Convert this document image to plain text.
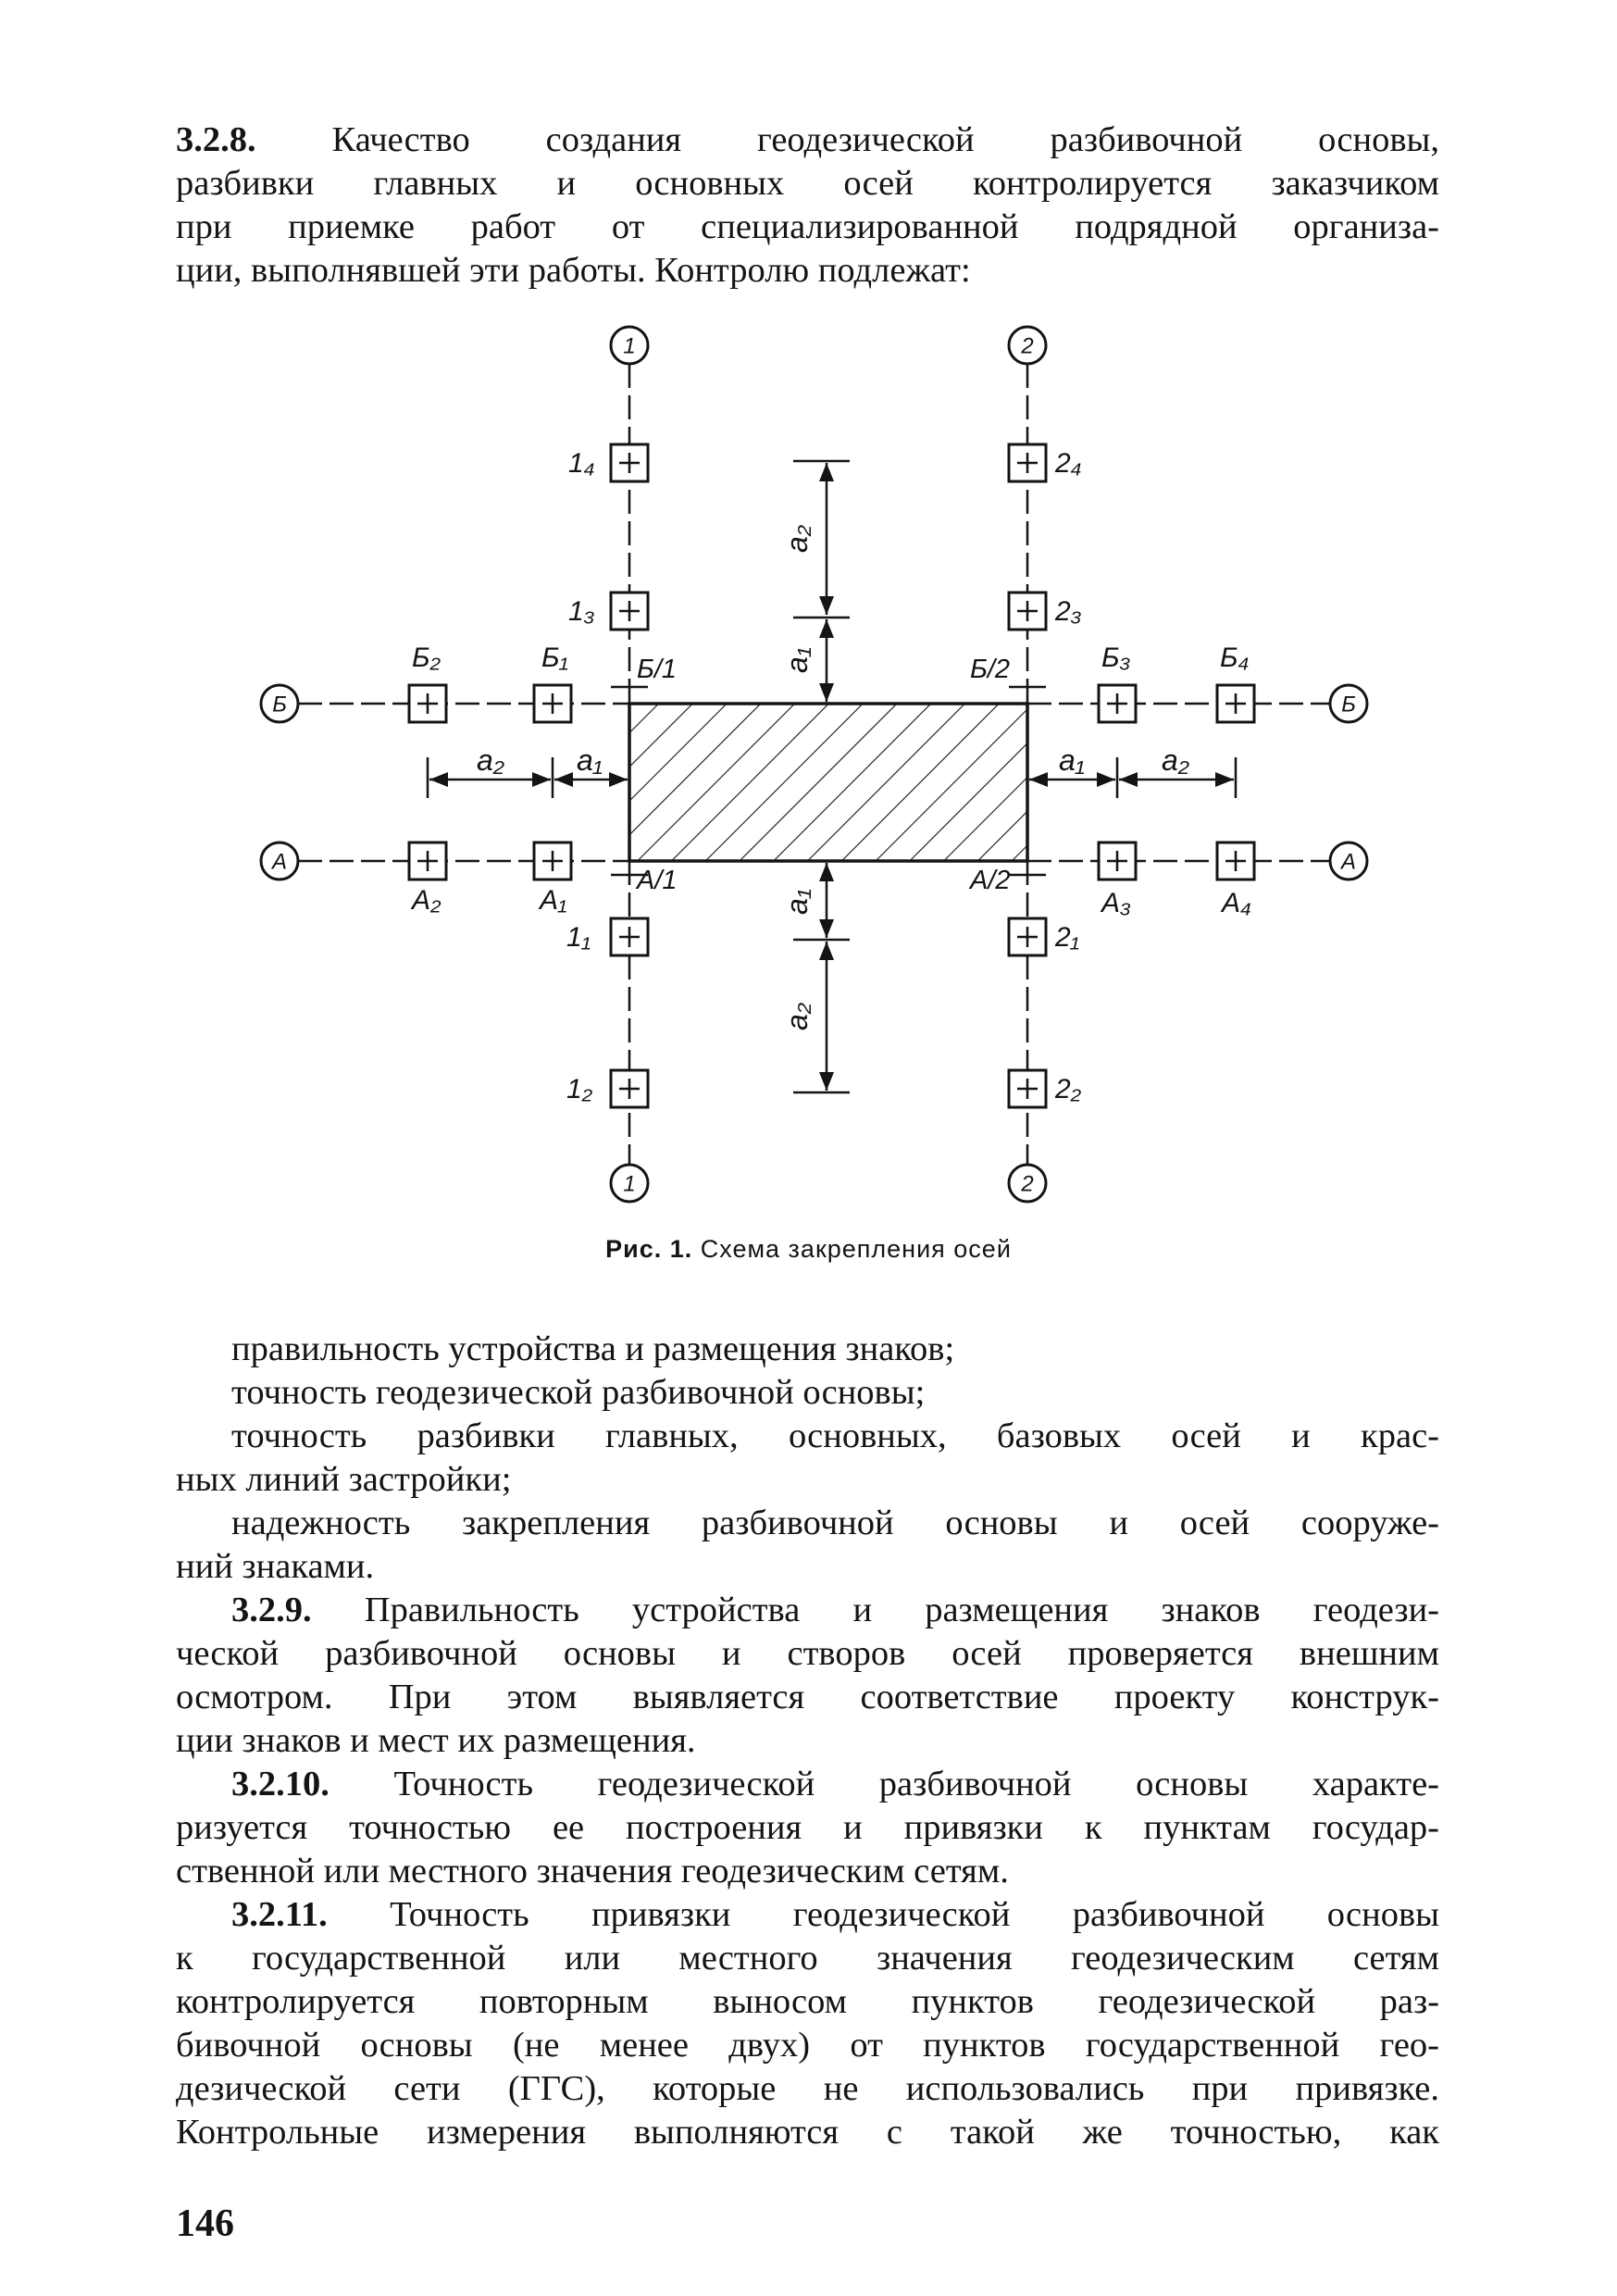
3.2.8. Качество создания геодезической разбивочной основы,
разбивки главных и основных осей контролируется заказчиком
при приемке работ от специализированной подрядной организа-
ции, выполнявшей эти работы. Контролю подлежат:
1	2
1	2
Б	Б
А	А
a₂
a₁
a₁
a₂
a₂ a₁	a₁	a₂
1₄
1₃
1₁
1₂
2₄
2₃
2₁
2₂
Б₂	Б₁	Б₃	Б₄
А₂	А₁	А₃	А₄
Б/1	Б/2
А/1	А/2
Рис. 1. Схема закрепления осей
правильность устройства и размещения знаков;
точность геодезической разбивочной основы;
точность разбивки главных, основных, базовых осей и крас-
ных линий застройки;
надежность закрепления разбивочной основы и осей сооруже-
ний знаками.
3.2.9. Правильность устройства и размещения знаков геодези-
ческой разбивочной основы и створов осей проверяется внешним
осмотром. При этом выявляется соответствие проекту конструк-
ции знаков и мест их размещения.
3.2.10. Точность геодезической разбивочной основы характе-
ризуется точностью ее построения и привязки к пунктам государ-
ственной или местного значения геодезическим сетям.
3.2.11. Точность привязки геодезической разбивочной основы
к государственной или местного значения геодезическим сетям
контролируется повторным выносом пунктов геодезической раз-
бивочной основы (не менее двух) от пунктов государственной гео-
дезической сети (ГГС), которые не использовались при привязке.
Контрольные измерения выполняются с такой же точностью, как
146
